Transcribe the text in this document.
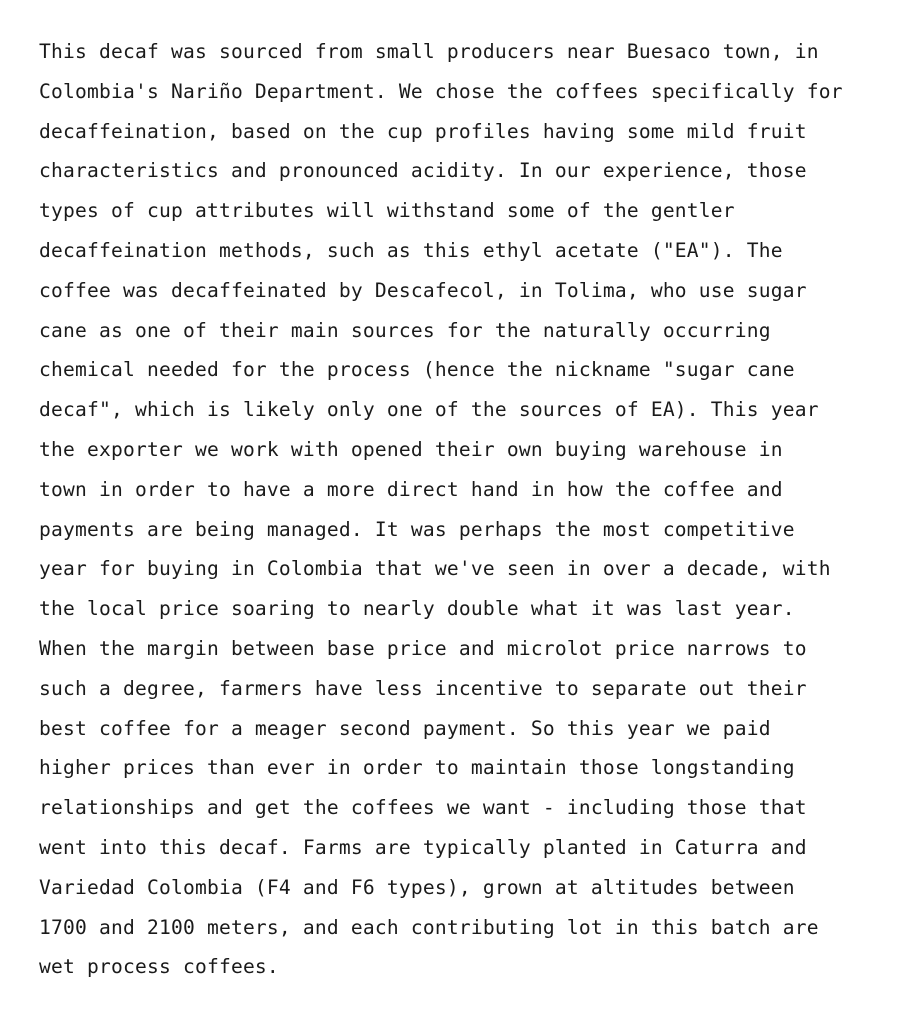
This decaf was sourced from small producers near Buesaco town, in
Colombia's Nariño Department. We chose the coffees specifically for
decaffeination, based on the cup profiles having some mild fruit
characteristics and pronounced acidity. In our experience, those
types of cup attributes will withstand some of the gentler
decaffeination methods, such as this ethyl acetate ("EA"). The
coffee was decaffeinated by Descafecol, in Tolima, who use sugar
cane as one of their main sources for the naturally occurring
chemical needed for the process (hence the nickname "sugar cane
decaf", which is likely only one of the sources of EA). This year
the exporter we work with opened their own buying warehouse in
town in order to have a more direct hand in how the coffee and
payments are being managed. It was perhaps the most competitive
year for buying in Colombia that we've seen in over a decade, with
the local price soaring to nearly double what it was last year.
When the margin between base price and microlot price narrows to
such a degree, farmers have less incentive to separate out their
best coffee for a meager second payment. So this year we paid
higher prices than ever in order to maintain those longstanding
relationships and get the coffees we want - including those that
went into this decaf. Farms are typically planted in Caturra and
Variedad Colombia (F4 and F6 types), grown at altitudes between
1700 and 2100 meters, and each contributing lot in this batch are
wet process coffees.
